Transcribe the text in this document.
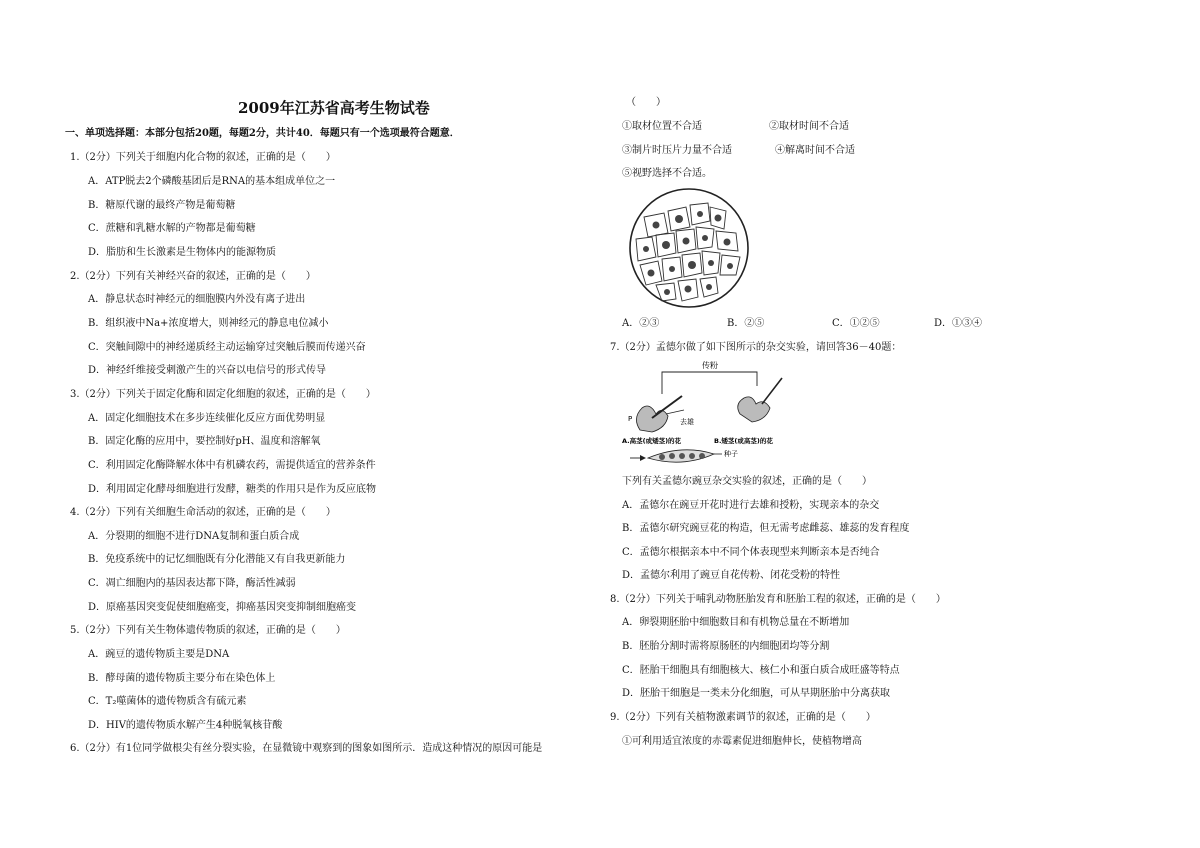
2009年江苏省高考生物试卷
一、单项选择题：本部分包括20题，每题2分，共计40．每题只有一个选项最符合题意．
1.（2分）下列关于细胞内化合物的叙述，正确的是（　　）
A．ATP脱去2个磷酸基团后是RNA的基本组成单位之一
B．糖原代谢的最终产物是葡萄糖
C．蔗糖和乳糖水解的产物都是葡萄糖
D．脂肪和生长激素是生物体内的能源物质
2.（2分）下列有关神经兴奋的叙述，正确的是（　　）
A．静息状态时神经元的细胞膜内外没有离子进出
B．组织液中Na+浓度增大，则神经元的静息电位减小
C．突触间隙中的神经递质经主动运输穿过突触后膜而传递兴奋
D．神经纤维接受刺激产生的兴奋以电信号的形式传导
3.（2分）下列关于固定化酶和固定化细胞的叙述，正确的是（　　）
A．固定化细胞技术在多步连续催化反应方面优势明显
B．固定化酶的应用中，要控制好pH、温度和溶解氧
C．利用固定化酶降解水体中有机磷农药，需提供适宜的营养条件
D．利用固定化酵母细胞进行发酵，糖类的作用只是作为反应底物
4.（2分）下列有关细胞生命活动的叙述，正确的是（　　）
A．分裂期的细胞不进行DNA复制和蛋白质合成
B．免疫系统中的记忆细胞既有分化潜能又有自我更新能力
C．凋亡细胞内的基因表达都下降，酶活性减弱
D．原癌基因突变促使细胞癌变，抑癌基因突变抑制细胞癌变
5.（2分）下列有关生物体遗传物质的叙述，正确的是（　　）
A．豌豆的遗传物质主要是DNA
B．酵母菌的遗传物质主要分布在染色体上
C．T₂噬菌体的遗传物质含有硫元素
D．HIV的遗传物质水解产生4种脱氧核苷酸
6.（2分）有1位同学做根尖有丝分裂实验，在显微镜中观察到的图象如图所示．造成这种情况的原因可能是
（　　）
①取材位置不合适	②取材时间不合适
③制片时压片力量不合适	④解离时间不合适
⑤视野选择不合适。
A．②③	B．②⑤	C．①②⑤	D．①③④
7.（2分）孟德尔做了如下图所示的杂交实验，请回答36－40题：
传粉
P	去雄
A.高茎(或矮茎)的花	B.矮茎(或高茎)的花
种子
下列有关孟德尔豌豆杂交实验的叙述，正确的是（　　）
A．孟德尔在豌豆开花时进行去雄和授粉，实现亲本的杂交
B．孟德尔研究豌豆花的构造，但无需考虑雌蕊、雄蕊的发育程度
C．孟德尔根据亲本中不同个体表现型来判断亲本是否纯合
D．孟德尔利用了豌豆自花传粉、闭花受粉的特性
8.（2分）下列关于哺乳动物胚胎发育和胚胎工程的叙述，正确的是（　　）
A．卵裂期胚胎中细胞数目和有机物总量在不断增加
B．胚胎分割时需将原肠胚的内细胞团均等分割
C．胚胎干细胞具有细胞核大、核仁小和蛋白质合成旺盛等特点
D．胚胎干细胞是一类未分化细胞，可从早期胚胎中分离获取
9.（2分）下列有关植物激素调节的叙述，正确的是（　　）
①可利用适宜浓度的赤霉素促进细胞伸长，使植物增高
